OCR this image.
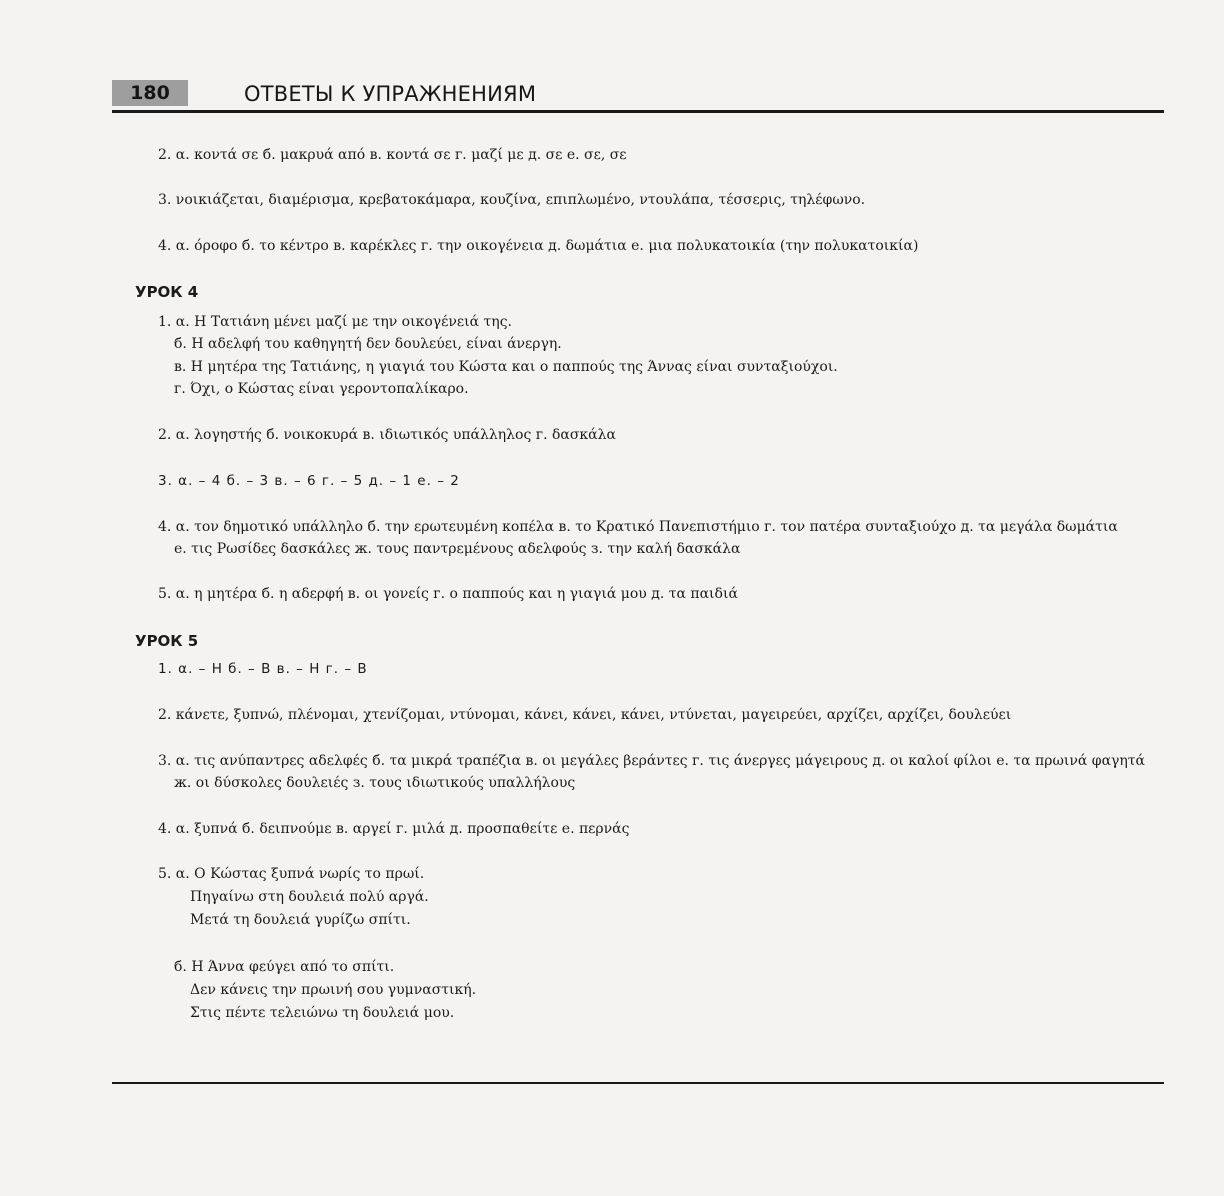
180	ОТВЕТЫ К УПРАЖНЕНИЯМ
2. α. κοντά σε б. μακρυά από в. κοντά σε г. μαζί με д. σε е. σε, σε
3. νοικιάζεται, διαμέρισμα, κρεβατοκάμαρα, κουζίνα, επιπλωμένο, ντουλάπα, τέσσερις, τηλέφωνο.
4. α. όροφο б. το κέντρο в. καρέκλες г. την οικογένεια д. δωμάτια е. μια πολυκατοικία (την πολυκατοικία)
УРОК 4
1. α. Η Τατιάνη μένει μαζί με την οικογένειά της.
б. Η αδελφή του καθηγητή δεν δουλεύει, είναι άνεργη.
в. Η μητέρα της Τατιάνης, η γιαγιά του Κώστα και ο παππούς της Άννας είναι συνταξιούχοι.
г. Όχι, ο Κώστας είναι γεροντοπαλίκαρο.
2. α. λογηστής б. νοικοκυρά в. ιδιωτικός υπάλληλος г. δασκάλα
3. α. – 4 б. – 3 в. – 6 г. – 5 д. – 1 е. – 2
4. α. τον δημοτικό υπάλληλο б. την ερωτευμένη κοπέλα в. το Κρατικό Πανεπιστήμιο г. τον πατέρα συνταξιούχο д. τα μεγάλα δωμάτια
е. τις Ρωσίδες δασκάλες ж. τους παντρεμένους αδελφούς з. την καλή δασκάλα
5. α. η μητέρα б. η αδερφή в. οι γονείς г. ο παππούς και η γιαγιά μου д. τα παιδιά
УРОК 5
1. α. – Н б. – В в. – Н г. – В
2. κάνετε, ξυπνώ, πλένομαι, χτενίζομαι, ντύνομαι, κάνει, κάνει, κάνει, ντύνεται, μαγειρεύει, αρχίζει, αρχίζει, δουλεύει
3. α. τις ανύπαντρες αδελφές б. τα μικρά τραπέζια в. οι μεγάλες βεράντες г. τις άνεργες μάγειρους д. οι καλοί φίλοι е. τα πρωινά φαγητά
ж. οι δύσκολες δουλειές з. τους ιδιωτικούς υπαλλήλους
4. α. ξυπνά б. δειπνούμε в. αργεί г. μιλά д. προσπαθείτε е. περνάς
5. α. Ο Κώστας ξυπνά νωρίς το πρωί.
Πηγαίνω στη δουλειά πολύ αργά.
Μετά τη δουλειά γυρίζω σπίτι.
б. Η Άννα φεύγει από το σπίτι.
Δεν κάνεις την πρωινή σου γυμναστική.
Στις πέντε τελειώνω τη δουλειά μου.
